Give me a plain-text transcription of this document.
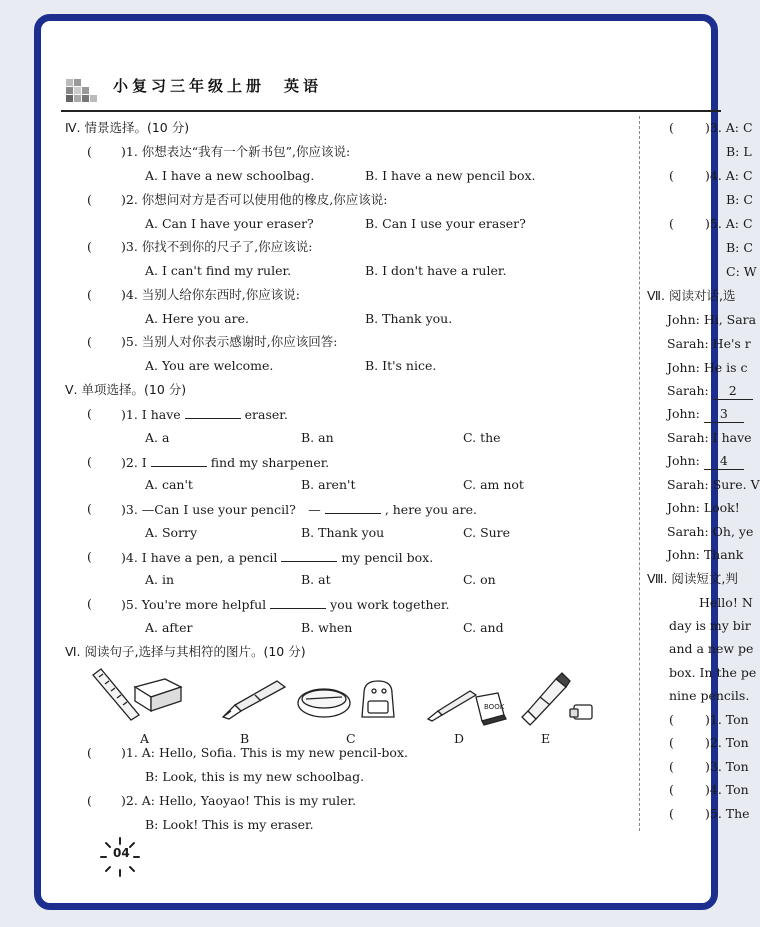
小复习三年级上册　英语
Ⅳ. 情景选择。(10 分)
( )1. 你想表达“我有一个新书包”,你应该说:
A. I have a new schoolbag.	B. I have a new pencil box.
( )2. 你想问对方是否可以使用他的橡皮,你应该说:
A. Can I have your eraser?	B. Can I use your eraser?
( )3. 你找不到你的尺子了,你应该说:
A. I can't find my ruler.	B. I don't have a ruler.
( )4. 当别人给你东西时,你应该说:
A. Here you are.	B. Thank you.
( )5. 当别人对你表示感谢时,你应该回答:
A. You are welcome.	B. It's nice.
Ⅴ. 单项选择。(10 分)
( )1. I have	eraser.
A. a	B. an	C. the
( )2. I	find my sharpener.
A. can't	B. aren't	C. am not
( )3. —Can I use your pencil?　—	, here you are.
A. Sorry	B. Thank you	C. Sure
( )4. I have a pen, a pencil	my pencil box.
A. in	B. at	C. on
( )5. You're more helpful	you work together.
A. after	B. when	C. and
Ⅵ. 阅读句子,选择与其相符的图片。(10 分)
A	B	C
BOOK
D	E
( )1. A: Hello, Sofia. This is my new pencil-box.
B: Look, this is my new schoolbag.
( )2. A: Hello, Yaoyao! This is my ruler.
B: Look! This is my eraser.
04
( )3. A: C
B: L
( )4. A: C
B: C
( )5. A: C
B: C
C: W
Ⅶ. 阅读对话,选
John: Hi, Sara
Sarah: He's r
John: He is c
Sarah: 2
John: 3
Sarah: I have
John: 4
Sarah: Sure. V
John: Look!
Sarah: Oh, ye
John: Thank
Ⅷ. 阅读短文,判
Hello! N
day is my bir
and a new pe
box. In the pe
nine pencils.
( )1. Ton
( )2. Ton
( )3. Ton
( )4. Ton
( )5. The
